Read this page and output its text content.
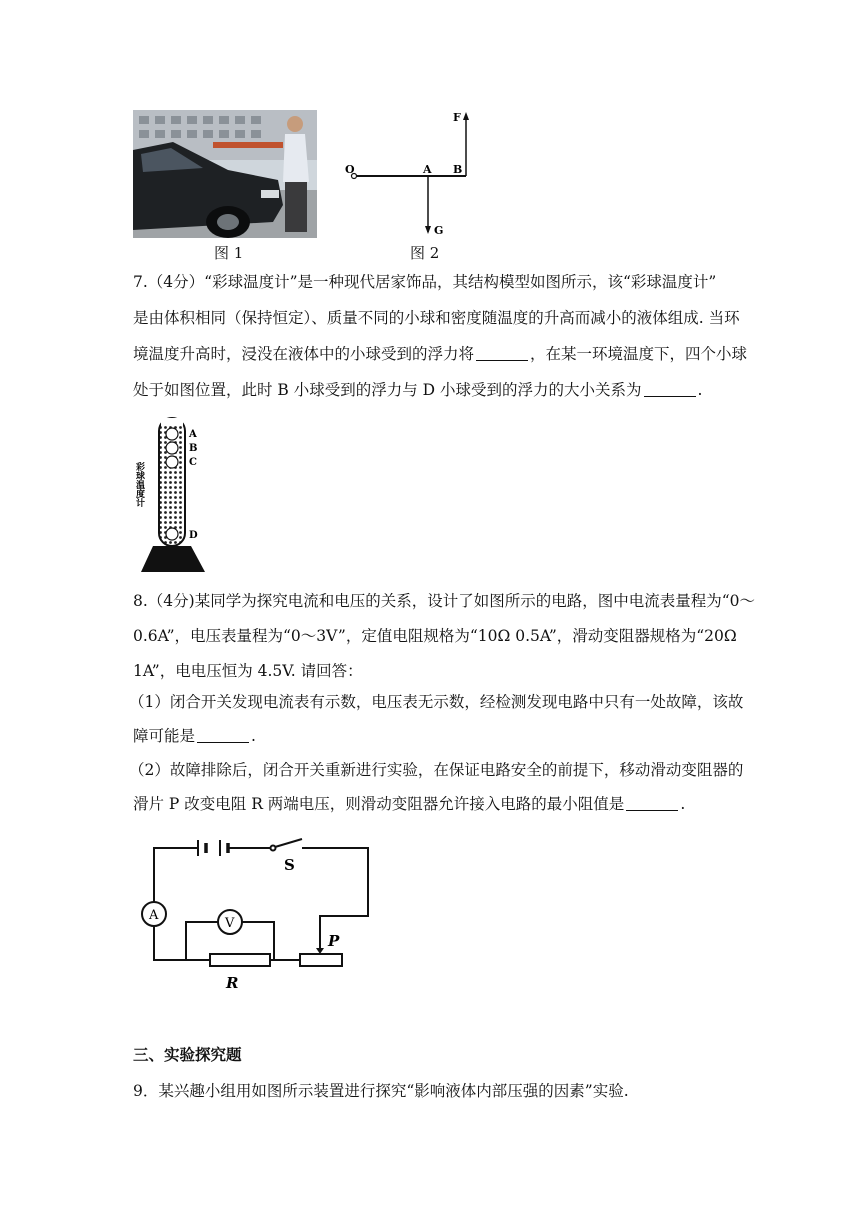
图 1
F
O	A B
G
图 2
7.（4分）“彩球温度计”是一种现代居家饰品，其结构模型如图所示，该“彩球温度计”
是由体积相同（保持恒定）、质量不同的小球和密度随温度的升高而减小的液体组成. 当环
境温度升高时，浸没在液体中的小球受到的浮力将	，在某一环境温度下，四个小球
处于如图位置，此时 B 小球受到的浮力与 D 小球受到的浮力的大小关系为	.
彩球温度计
A
B
C
D
8.（4分)某同学为探究电流和电压的关系，设计了如图所示的电路，图中电流表量程为“0～
0.6A”，电压表量程为“0～3V”，定值电阻规格为“10Ω 0.5A”，滑动变阻器规格为“20Ω
1A”，电电压恒为 4.5V. 请回答：
（1）闭合开关发现电流表有示数，电压表无示数，经检测发现电路中只有一处故障，该故
障可能是	.
（2）故障排除后，闭合开关重新进行实验，在保证电路安全的前提下，移动滑动变阻器的
滑片 P 改变电阻 R 两端电压，则滑动变阻器允许接入电路的最小阻值是	.
A
V
S
P
R
三、实验探究题
9．某兴趣小组用如图所示装置进行探究“影响液体内部压强的因素”实验.
